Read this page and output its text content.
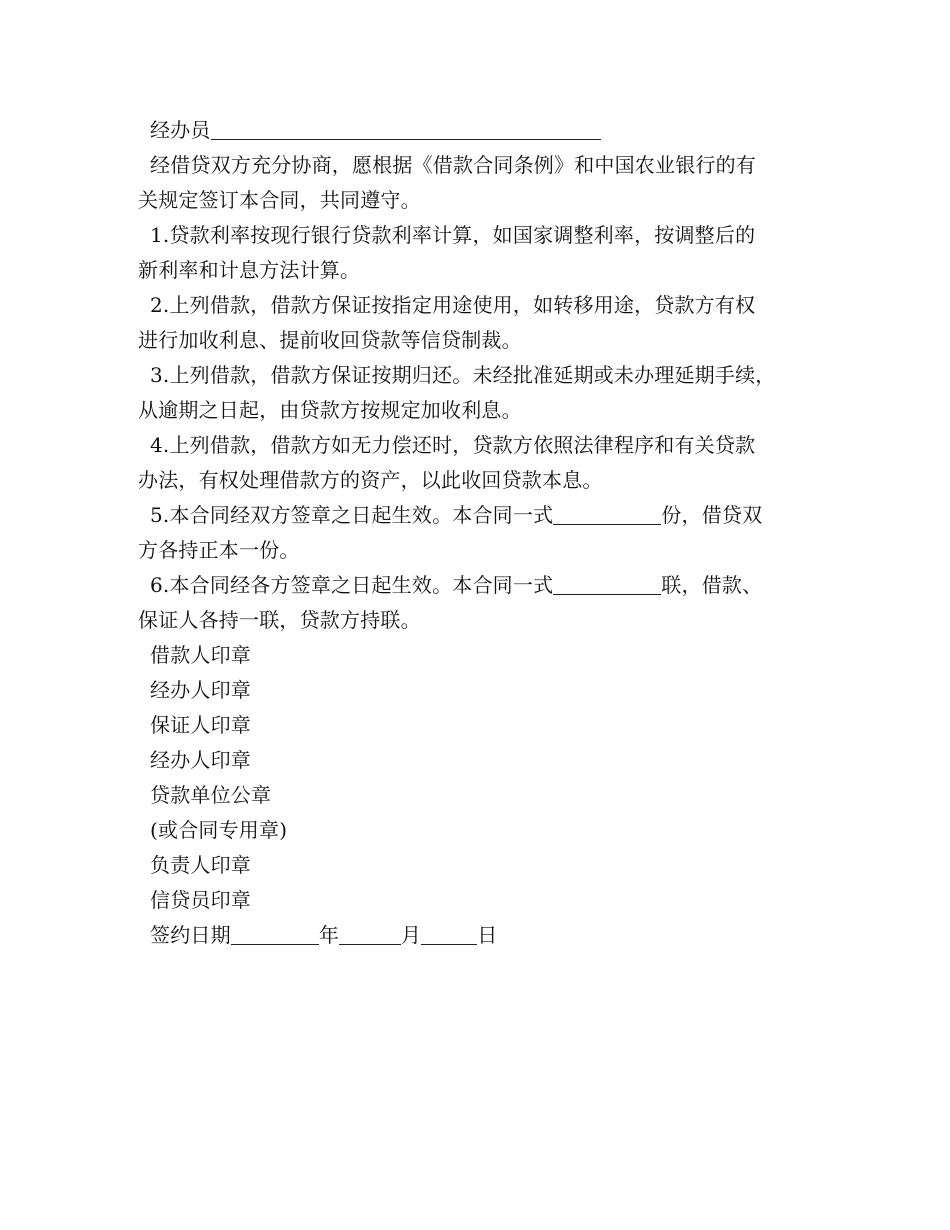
经办员
经借贷双方充分协商，愿根据《借款合同条例》和中国农业银行的有
关规定签订本合同，共同遵守。
1.贷款利率按现行银行贷款利率计算，如国家调整利率，按调整后的
新利率和计息方法计算。
2.上列借款，借款方保证按指定用途使用，如转移用途，贷款方有权
进行加收利息、提前收回贷款等信贷制裁。
3.上列借款，借款方保证按期归还。未经批准延期或未办理延期手续，
从逾期之日起，由贷款方按规定加收利息。
4.上列借款，借款方如无力偿还时，贷款方依照法律程序和有关贷款
办法，有权处理借款方的资产，以此收回贷款本息。
5.本合同经双方签章之日起生效。本合同一式	份，借贷双
方各持正本一份。
6.本合同经各方签章之日起生效。本合同一式	联，借款、
保证人各持一联，贷款方持联。
借款人印章
经办人印章
保证人印章
经办人印章
贷款单位公章
(或合同专用章)
负责人印章
信贷员印章
签约日期	年	月	日
